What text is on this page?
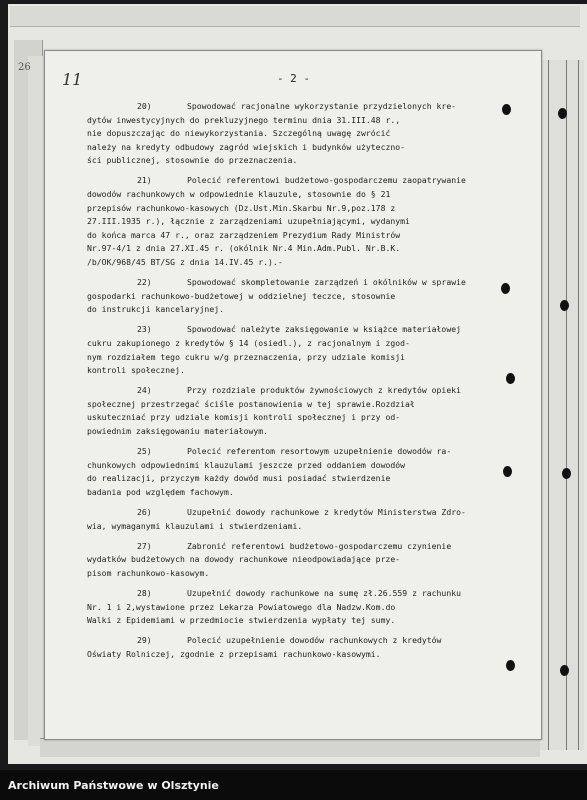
26
11	- 2 -
20)	Spowodować racjonalne wykorzystanie przydzielonych kre-
dytów inwestycyjnych do prekluzyjnego terminu dnia 31.III.48 r.,
nie dopuszczając do niewykorzystania. Szczególną uwagę zwrócić
należy na kredyty odbudowy zagród wiejskich i budynków użyteczno-
ści publicznej, stosownie do przeznaczenia.
21)	Polecić referentowi budżetowo-gospodarczemu zaopatrywanie
dowodów rachunkowych w odpowiednie klauzule, stosownie do § 21
przepisów rachunkowo-kasowych (Dz.Ust.Min.Skarbu Nr.9,poz.178 z
27.III.1935 r.), łącznie z zarządzeniami uzupełniającymi, wydanymi
do końca marca 47 r., oraz zarządzeniem Prezydium Rady Ministrów
Nr.97-4/1 z dnia 27.XI.45 r. (okólnik Nr.4 Min.Adm.Publ. Nr.B.K.
/b/OK/968/45 BT/SG z dnia 14.IV.45 r.).-
22)	Spowodować skompletowanie zarządzeń i okólników w sprawie
gospodarki rachunkowo-budżetowej w oddzielnej teczce, stosownie
do instrukcji kancelaryjnej.
23)	Spowodować należyte zaksięgowanie w książce materiałowej
cukru zakupionego z kredytów § 14 (osiedl.), z racjonalnym i zgod-
nym rozdziałem tego cukru w/g przeznaczenia, przy udziale komisji
kontroli społecznej.
24)	Przy rozdziale produktów żywnościowych z kredytów opieki
społecznej przestrzegać ściśle postanowienia w tej sprawie.Rozdział
uskuteczniać przy udziale komisji kontroli społecznej i przy od-
powiednim zaksięgowaniu materiałowym.
25)	Polecić referentom resortowym uzupełnienie dowodów ra-
chunkowych odpowiednimi klauzulami jeszcze przed oddaniem dowodów
do realizacji, przyczym każdy dowód musi posiadać stwierdzenie
badania pod względem fachowym.
26)	Uzupełnić dowody rachunkowe z kredytów Ministerstwa Zdro-
wia, wymaganymi klauzulami i stwierdzeniami.
27)	Zabronić referentowi budżetowo-gospodarczemu czynienie
wydatków budżetowych na dowody rachunkowe nieodpowiadające prze-
pisom rachunkowo-kasowym.
28)	Uzupełnić dowody rachunkowe na sumę zł.26.559 z rachunku
Nr. 1 i 2,wystawione przez Lekarza Powiatowego dla Nadzw.Kom.do
Walki z Epidemiami w przedmiocie stwierdzenia wypłaty tej sumy.
29)	Polecić uzupełnienie dowodów rachunkowych z kredytów
Oświaty Rolniczej, zgodnie z przepisami rachunkowo-kasowymi.
Archiwum Państwowe w Olsztynie
